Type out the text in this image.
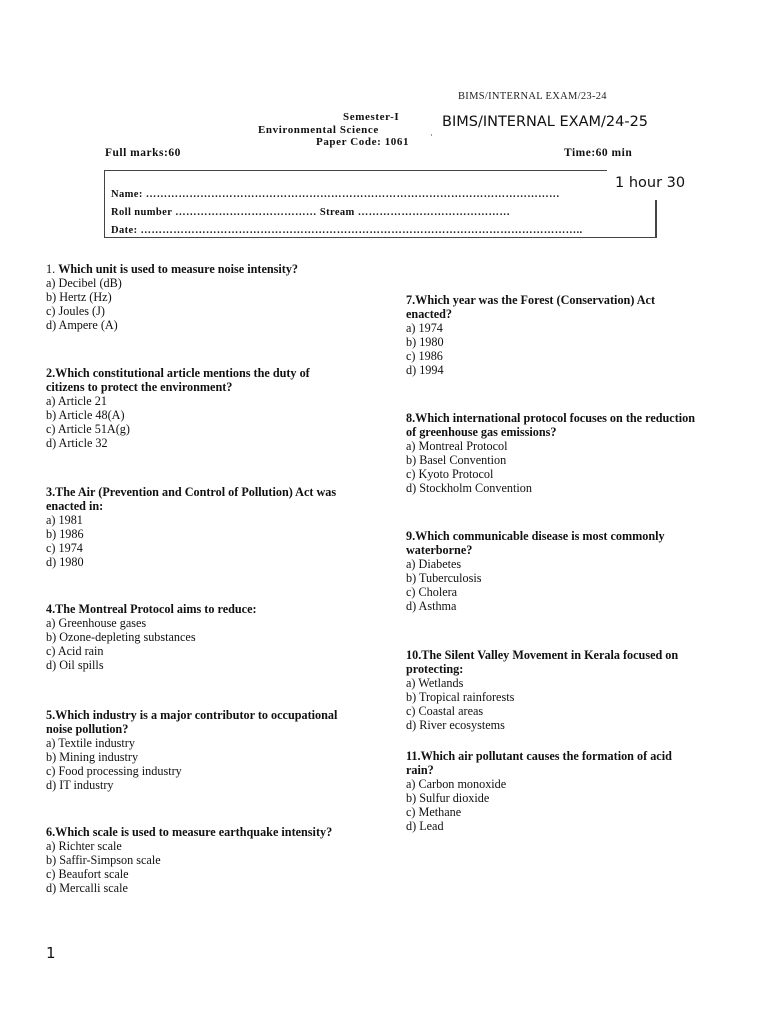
BIMS/INTERNAL EXAM/23-24
Semester-I
Environmental Science
Paper Code: 1061
BIMS/INTERNAL EXAM/24-25
Full marks:60	Time:60 min
Name: ……………………………………………………………………………………………………
Roll number ………………………………… Stream ……………………………………
Date: …………………………………………………………………………………………………………..
1 hour 30
1. Which unit is used to measure noise intensity?
a) Decibel (dB)
b) Hertz (Hz)
c) Joules (J)
d) Ampere (A)
2.Which constitutional article mentions the duty of
citizens to protect the environment?
a) Article 21
b) Article 48(A)
c) Article 51A(g)
d) Article 32
3.The Air (Prevention and Control of Pollution) Act was
enacted in:
a) 1981
b) 1986
c) 1974
d) 1980
4.The Montreal Protocol aims to reduce:
a) Greenhouse gases
b) Ozone-depleting substances
c) Acid rain
d) Oil spills
5.Which industry is a major contributor to occupational
noise pollution?
a) Textile industry
b) Mining industry
c) Food processing industry
d) IT industry
6.Which scale is used to measure earthquake intensity?
a) Richter scale
b) Saffir-Simpson scale
c) Beaufort scale
d) Mercalli scale
7.Which year was the Forest (Conservation) Act
enacted?
a) 1974
b) 1980
c) 1986
d) 1994
8.Which international protocol focuses on the reduction
of greenhouse gas emissions?
a) Montreal Protocol
b) Basel Convention
c) Kyoto Protocol
d) Stockholm Convention
9.Which communicable disease is most commonly
waterborne?
a) Diabetes
b) Tuberculosis
c) Cholera
d) Asthma
10.The Silent Valley Movement in Kerala focused on
protecting:
a) Wetlands
b) Tropical rainforests
c) Coastal areas
d) River ecosystems
11.Which air pollutant causes the formation of acid
rain?
a) Carbon monoxide
b) Sulfur dioxide
c) Methane
d) Lead
1
